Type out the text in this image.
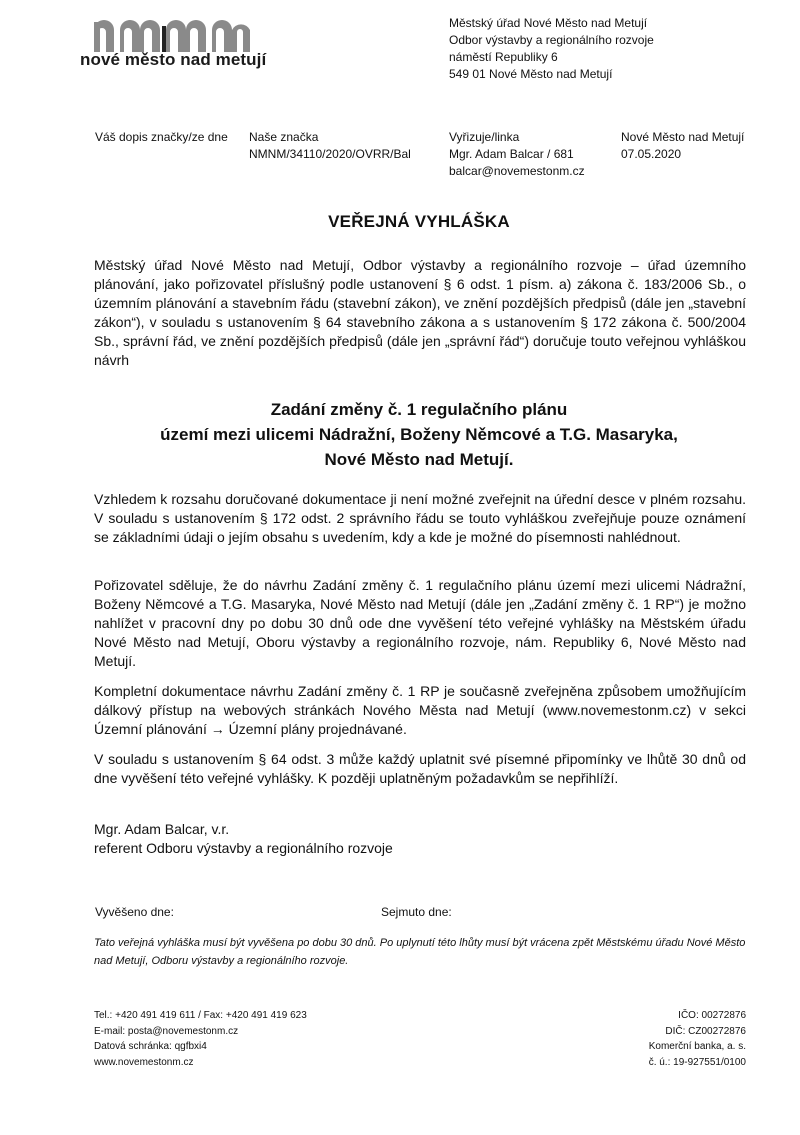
nové město nad metují
Městský úřad Nové Město nad Metují
Odbor výstavby a regionálního rozvoje
náměstí Republiky 6
549 01 Nové Město nad Metují
Váš dopis značky/ze dne Naše značka
NMNM/34110/2020/OVRR/Bal
Vyřizuje/linka
Mgr. Adam Balcar / 681
balcar@novemestonm.cz
Nové Město nad Metují
07.05.2020
VEŘEJNÁ VYHLÁŠKA

Městský úřad Nové Město nad Metují, Odbor výstavby a regionálního rozvoje – úřad územního plánování, jako pořizovatel příslušný podle ustanovení § 6 odst. 1 písm. a) zákona č. 183/2006 Sb., o územním plánování a stavebním řádu (stavební zákon), ve znění pozdějších předpisů (dále jen „stavební zákon“), v souladu s ustanovením § 64 stavebního zákona a s ustanovením § 172 zákona č. 500/2004 Sb., správní řád, ve znění pozdějších předpisů (dále jen „správní řád“) doručuje touto veřejnou vyhláškou návrh

Zadání změny č. 1 regulačního plánu
území mezi ulicemi Nádražní, Boženy Němcové a T.G. Masaryka,
Nové Město nad Metují.

Vzhledem k rozsahu doručované dokumentace ji není možné zveřejnit na úřední desce v plném rozsahu. V souladu s ustanovením § 172 odst. 2 správního řádu se touto vyhláškou zveřejňuje pouze oznámení se základními údaji o jejím obsahu s uvedením, kdy a kde je možné do písemnosti nahlédnout.

Pořizovatel sděluje, že do návrhu Zadání změny č. 1 regulačního plánu území mezi ulicemi Nádražní, Boženy Němcové a T.G. Masaryka, Nové Město nad Metují (dále jen „Zadání změny č. 1 RP“) je možno nahlížet v pracovní dny po dobu 30 dnů ode dne vyvěšení této veřejné vyhlášky na Městském úřadu Nové Město nad Metují, Oboru výstavby a regionálního rozvoje, nám. Republiky 6, Nové Město nad Metují.

Kompletní dokumentace návrhu Zadání změny č. 1 RP je současně zveřejněna způsobem umožňujícím dálkový přístup na webových stránkách Nového Města nad Metují (www.novemestonm.cz) v sekci Územní plánování → Územní plány projednávané.

V souladu s ustanovením § 64 odst. 3 může každý uplatnit své písemné připomínky ve lhůtě 30 dnů od dne vyvěšení této veřejné vyhlášky. K později uplatněným požadavkům se nepřihlíží.

Mgr. Adam Balcar, v.r.
referent Odboru výstavby a regionálního rozvoje
Vyvěšeno dne:	Sejmuto dne:

Tato veřejná vyhláška musí být vyvěšena po dobu 30 dnů. Po uplynutí této lhůty musí být vrácena zpět Městskému úřadu Nové Město nad Metují, Odboru výstavby a regionálního rozvoje.

Tel.: +420 491 419 611 / Fax: +420 491 419 623
E-mail: posta@novemestonm.cz
Datová schránka: qgfbxi4
www.novemestonm.cz
IČO: 00272876
DIČ: CZ00272876
Komerční banka, a. s.
č. ú.: 19-927551/0100
